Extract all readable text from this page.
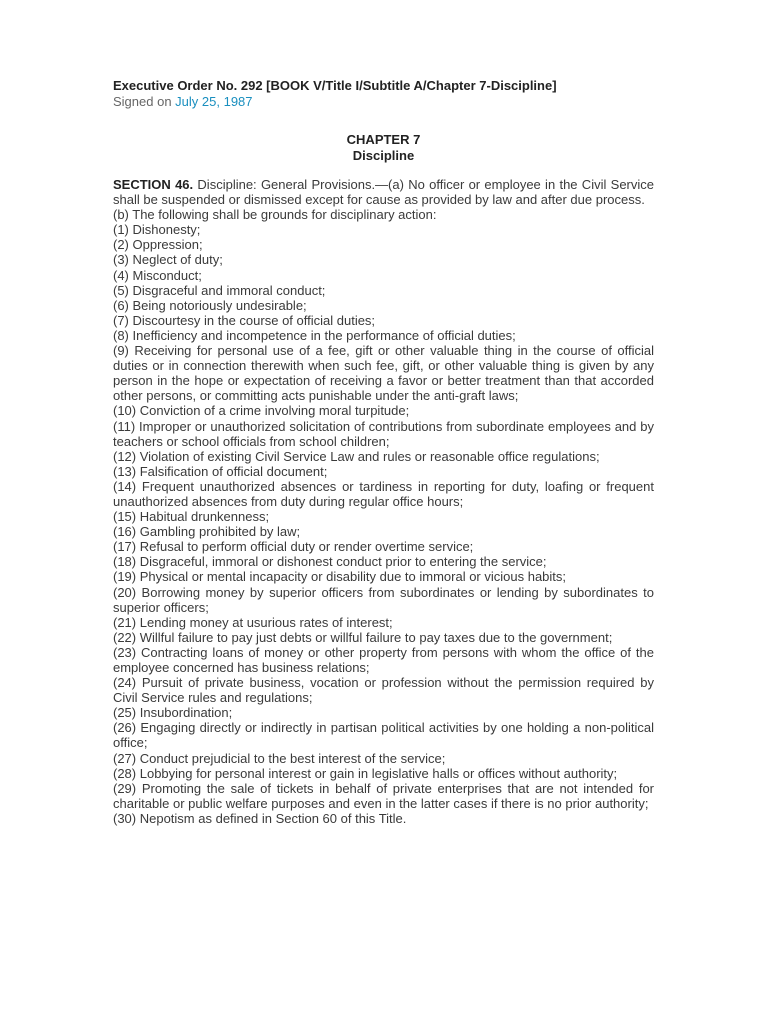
Executive Order No. 292 [BOOK V/Title I/Subtitle A/Chapter 7-Discipline]

Signed on July 25, 1987

CHAPTER 7
Discipline
SECTION 46. Discipline: General Provisions.—(a) No officer or employee in the Civil Service shall be suspended or dismissed except for cause as provided by law and after due process.
(b) The following shall be grounds for disciplinary action:
(1) Dishonesty;
(2) Oppression;
(3) Neglect of duty;
(4) Misconduct;
(5) Disgraceful and immoral conduct;
(6) Being notoriously undesirable;
(7) Discourtesy in the course of official duties;
(8) Inefficiency and incompetence in the performance of official duties;
(9) Receiving for personal use of a fee, gift or other valuable thing in the course of official duties or in connection therewith when such fee, gift, or other valuable thing is given by any person in the hope or expectation of receiving a favor or better treatment than that accorded other persons, or committing acts punishable under the anti-graft laws;
(10) Conviction of a crime involving moral turpitude;
(11) Improper or unauthorized solicitation of contributions from subordinate employees and by teachers or school officials from school children;
(12) Violation of existing Civil Service Law and rules or reasonable office regulations;
(13) Falsification of official document;
(14) Frequent unauthorized absences or tardiness in reporting for duty, loafing or frequent unauthorized absences from duty during regular office hours;
(15) Habitual drunkenness;
(16) Gambling prohibited by law;
(17) Refusal to perform official duty or render overtime service;
(18) Disgraceful, immoral or dishonest conduct prior to entering the service;
(19) Physical or mental incapacity or disability due to immoral or vicious habits;
(20) Borrowing money by superior officers from subordinates or lending by subordinates to superior officers;
(21) Lending money at usurious rates of interest;
(22) Willful failure to pay just debts or willful failure to pay taxes due to the government;
(23) Contracting loans of money or other property from persons with whom the office of the employee concerned has business relations;
(24) Pursuit of private business, vocation or profession without the permission required by Civil Service rules and regulations;
(25) Insubordination;
(26) Engaging directly or indirectly in partisan political activities by one holding a non-political office;
(27) Conduct prejudicial to the best interest of the service;
(28) Lobbying for personal interest or gain in legislative halls or offices without authority;
(29) Promoting the sale of tickets in behalf of private enterprises that are not intended for charitable or public welfare purposes and even in the latter cases if there is no prior authority;
(30) Nepotism as defined in Section 60 of this Title.
